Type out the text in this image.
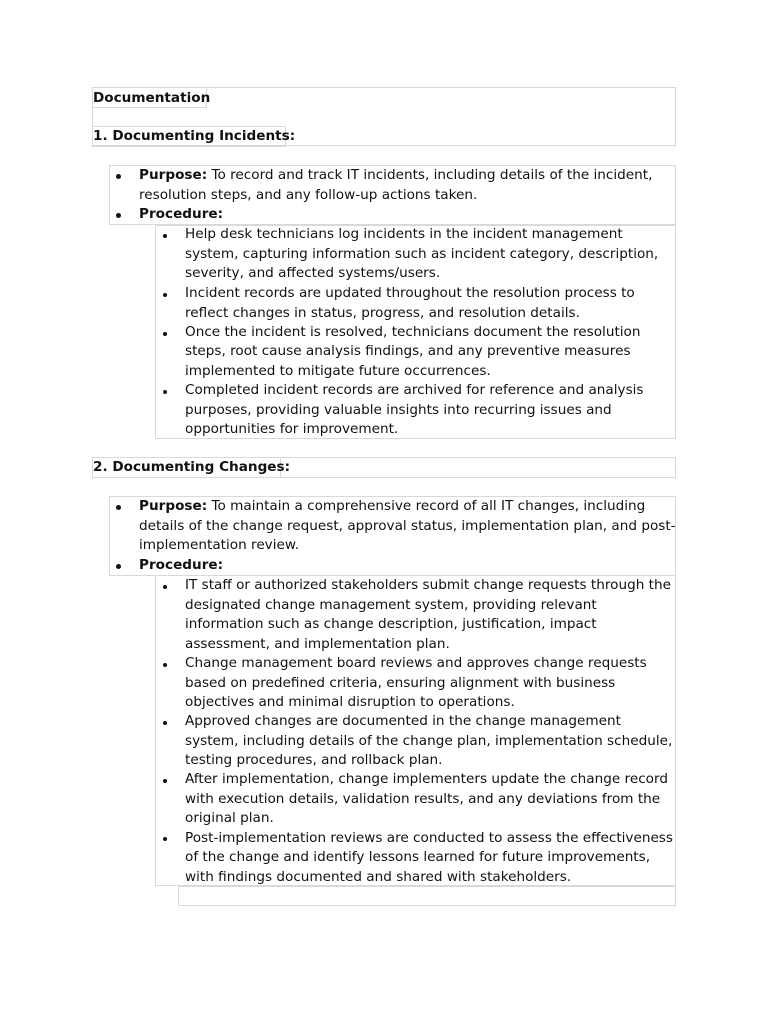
Documentation
1. Documenting Incidents:
Purpose: To record and track IT incidents, including details of the incident,
resolution steps, and any follow-up actions taken.
Procedure:
Help desk technicians log incidents in the incident management
system, capturing information such as incident category, description,
severity, and affected systems/users.
Incident records are updated throughout the resolution process to
reflect changes in status, progress, and resolution details.
Once the incident is resolved, technicians document the resolution
steps, root cause analysis findings, and any preventive measures
implemented to mitigate future occurrences.
Completed incident records are archived for reference and analysis
purposes, providing valuable insights into recurring issues and
opportunities for improvement.
2. Documenting Changes:
Purpose: To maintain a comprehensive record of all IT changes, including
details of the change request, approval status, implementation plan, and post-
implementation review.
Procedure:
IT staff or authorized stakeholders submit change requests through the
designated change management system, providing relevant
information such as change description, justification, impact
assessment, and implementation plan.
Change management board reviews and approves change requests
based on predefined criteria, ensuring alignment with business
objectives and minimal disruption to operations.
Approved changes are documented in the change management
system, including details of the change plan, implementation schedule,
testing procedures, and rollback plan.
After implementation, change implementers update the change record
with execution details, validation results, and any deviations from the
original plan.
Post-implementation reviews are conducted to assess the effectiveness
of the change and identify lessons learned for future improvements,
with findings documented and shared with stakeholders.
